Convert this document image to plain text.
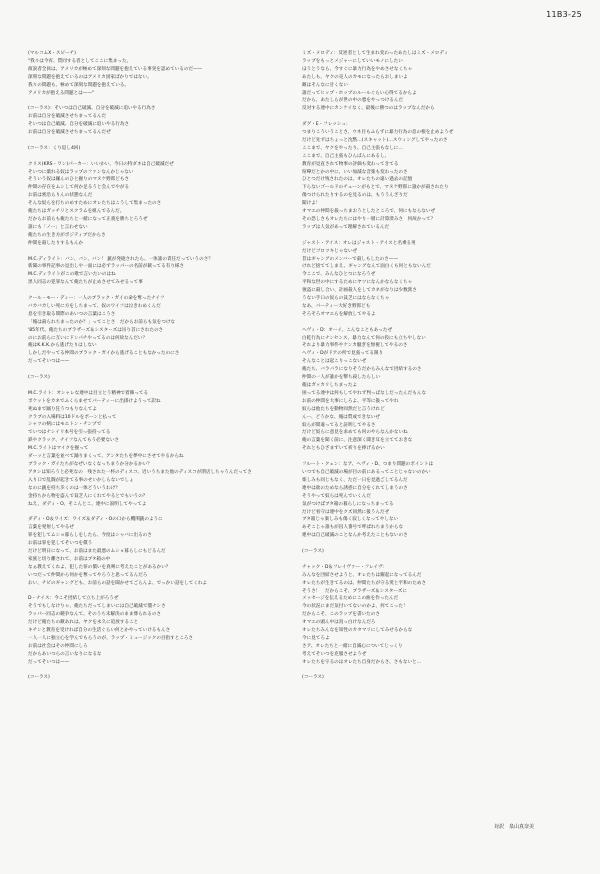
11B3-25
(マルコムX・スピーチ)
"我々は今宵、賛同する者としてここに集まった。
演説者全員は、アメリカが極めて深刻な問題を抱えている事実を認めているのだ——
深刻な問題を抱えているのはアメリカ国家ばかりではない。
我々の問題も、極めて深刻な問題を抱えている。
アメリカが抱える問題とは——"
(コーラス)：そいつは自己破滅、自分を破滅に追いやる行為さ
お前は自分を破滅させちまってるんだ
そいつは自己破滅、自分を破滅に追いやる行為さ
お前は自分を破滅させちまってるんだぜ
(コーラス：くり返し4回)
クリス(KRS・ワン)パーカー：いいかい、今日の特ダネは自己破滅だぜ
そいつに薬れる奴はラップのファンなんかじゃない
そういう奴は嫌んのひと握りのマヌケ野郎どもさ
仲間の存在をムシして何か足るうと会んでやがる
お前は密沿らりんの状態なんだ
そんな奴らを打ちのめすためにオレたちはこうして集まったのさ
俺たちはガッチリとスクラムを組んでるんだ。
だからお前らも俺たちと一緒になって正義を勝ちとろうぜ
誰にも「ノー」と言わせない
俺たちの生き方がポジティブだからさ
仲間を殺したりするもんか
M.C.ディライト：バン、バン、バン！ 銃が発砲されたら、一体誰の責任だっていうのさ？
新聞の事件記事の見出しや一面には必ずラッパーの名前が載ってる有り様さ
M.C.ディライトがこの歌で言いたいのはね
黒人同志の犯罪なんて俺たちが止めさせてみせるって事
クール・モー・ディー：一人のブラック・ガイの命を奪ったナイフ
バカバカしい死に方をしちまって、奴のワイフは泣きわめくんだ
息を引き取る間際のあいつの言葉はこうさ
「俺は殺られちまったのか？」ってことさ　だからお前らも気をつけな
'85年代、俺たちのブラザーズ＆シスターズは吊り首にされたのさ
のにお前らに互いにドンパチやってるのは何故なんだい？
俺はK.K.K.から逃げたりはしない
しかしだやってる仲間のブラック・ガイから逃げることもなかったのにさ
だってそいつは——
(コーラス)
M.C.ライト：オシャレな連中は目立とう精神で着飾ってる
ポケットをカネでふくらませてパーティーに出掛けようって訳ね
死ぬまで踊り狂うつもりなんてよ
クラブの入場料は10ドルをポーンと払って
シャツの柄にはモエトン・チンプで
でいつはナシイリ本号を引っ張持ってる
鉄やクラック、ナイフなんてもう必要ないさ
M.C.ライトはマイクを握って
ダーッと言葉を並べて踊りまくって、アンタたちを夢中にさせてやるからね
ブラック・ガイたちがなぜいなくなっちまうか分かるかい？
アタシは知ろうと必死なの　残された一杯のディスコ、近いうちまた他のディスコが閉店しちゃうんだってさ
入り口で乱闘が起きてる事のせいかしらないでしょ
なのに銃を持ち歩くのは一体どういうわけ？
金持ちから物を盗んで貧乏人にくれてやるとでもいうの？
ねえ、ダディ・O、そこんとこ、連中に説明してやってよ
ダディ・O＆ワイズ：ワイズ＆ダディ・Oの口から機関銃のように
言葉を発射してやるぜ
罪を犯してムショ暮らしをしたら、今度はシャバに出るのさ
お前は罪を犯してそいつを償う
だけど明日になって、お前はまた最悪のムショ暮らしにもどるんだ
家族と切り離されて、お前はブタ箱の中
なぁ教えてくれよ、犯した罪の償いを真剣に考えたことがあるかい？
いつだって仲間から何かを奪ってやろうと思ってるんだろ
おい、チビのギャングども、お前らの話を聞かせてごらんよ、でっかい話をしてくれよ
D・ナイス：今こそ団結して立ち上がろうぜ
そうでもしなけりゃ、俺たちだってしまいには自己破滅で闇ナシさ
ラッパー同志の競争なんて、そのうち未解決のまま葬られるのさ
だけど俺たちの敵あれは、ヤクを永久に追放すること
キチンと教育を受ければ自分の生活ぐらい何とかやっていけるもんさ
一人一人に独立心を学んでもらうのが、ラップ・ミュージックの目指すところさ
お前は社会はその仲間にしろ
だからあいつらの言いなりになるな
だってそいつは——
(コーラス)
ミズ・メロディ：反逆者として生まれ変わったあたしはミズ・メロディ
ラップをもっとメジャーにしていいモノにしたい
ほうとうなら、今すぐに暴力行為をやめさせなくちゃ
あたしも、ヤクの売人のカモになったらおしまいよ
敵はそんなに甘くない
誰だってヒップ・ホップのルールぐらい心得てるからよ
だから、あたしらが世の中の悪をやっつけるんだ
反対する連中にカンケイなく、最後に勝つのはラップなんだから
ダグ・E・フレッシュ：
つまりこういうことさ、ウネ目もふらずに暴力行為の息の根を止めようぜ
だけど先ずはちょっと沈黙…(スキャット)…スウィングしてやったのさ
ここまで、ヤクをやったり、自己主張もなしに…
ここまで、自己主張もひんぱんにあるし、
教育が見直されて物事の評価も変わってきてる
喧嘩だとかの中に、いい加減な音楽も変わったのさ
ひとつだけ残されたのは、オレたちの遠い過去の記憶
下らないゴールドのチェーンがもとで、マヌケ野郎に誰かが殺されたり
傷つけられたりするのを見るのは、もううんざりだ
聞けよ！
オマエの仲間を殺っちまおうとしたところで、何にもならないぜ
その恐しさもオレたちにはやり一層に計算済みさ　何故かって？
ラップは人気があって理解されているんだ
ジャスト・アイス：オレはジャスト・アイスと名乗る男
だけどゴロツキじゃないぜ
昔はギャングのメンバーで殺しもしたのさ——
けれど捨ててしまえ、ギャングなんて面白くも何ともないんだ
今ここで、みんなひとつになろうぜ
平和な世の中にするためにヤツになんかならなくちゃ
強盗に殺し合い、計画殺人をしてカネがなりは少数派さ
うない手口の奴らの貧乏にはならなくちゃ
なあ、パーティー大好き野郎ども
そろそろオマエらを解放してやるよ
ヘヴィ・D：オーイ、こんなこともあったぜ
白乾行為にナンセンス、暴力なんて何の役にも立ちやしない
それより暴力事件やケンカ騒ぎを無視してやるのさ
ヘヴィ・Dがドアの所で見張ってる限り
そんなことは起こりっこないぜ
俺たち、バラバラになりそうだからみんなで団結するのさ
仲間の一人が誰かを撃ち殺したらしい
俺はガッカリしちまったよ
困ってる連中は何もしてやれず判っぱなしだったんだもんな
お前の仲間を大事にしろよ、平等に扱ってやれ
奴らは他たちを動物同然だと言うけれど
んー、どうかな、俺は賛成できないぜ
奴らが間違ってると証明してやるさ
だけど奴らに意見を求めても何のやらなんかないね
俺の言葉を聞く前に、注意深く聞き耳を立てておきな
それともひざまずいて祈りを捧げるかい
フルート・クェン：なア、ヘヴィ・D、つまり問題のポイントは
いつでも自己破滅の場が目の前にあるってことじゃないのかい
楽しみも同じもなく、ただ一日を見過ごしてるんだ
連中は欲のためなら誘惑に自分をくれてしまうのさ
そうやって奴らは死んでいくんだ
気がつけばブタ箱の暮らしになっちまってる
だけど看守は連中をクズ同然に扱うんだぜ
ブタ箱じゃ楽しみも傷く寂しくなってやしない
あそこじゃ誰もが囚人番号で呼ばれちまうからな
連中は自己破滅のことなんか考えたこともないのさ
(コーラス)
チャック・D＆フレイヴァー・フレイヴ：
みんなを団結させようと、オレたちは躍起になってるんだ
オレたちが生きてるのは、仲間たちが守る愛と平和のためさ
そうさ！　だからこそ、ブラザーズ＆シスターズに
メッセージを伝えるためにこの曲を作ったんだ
今の状況にまだ気付いてないのかよ、何てこった！
だからこそ、このラップを書いたのさ
オマエの頭ん中は真っ白けなんだろ
オレたちみんなを知性のカタマリにしてみせるからな
今に見てろよ
さア、オレたちと一緒に自滅心についてじっくり
考えてそいつを克服させようぜ
オレたちを守るのはオレたち自身だからさ、さもないと…
(コーラス)
対訳　泉山真奈美
